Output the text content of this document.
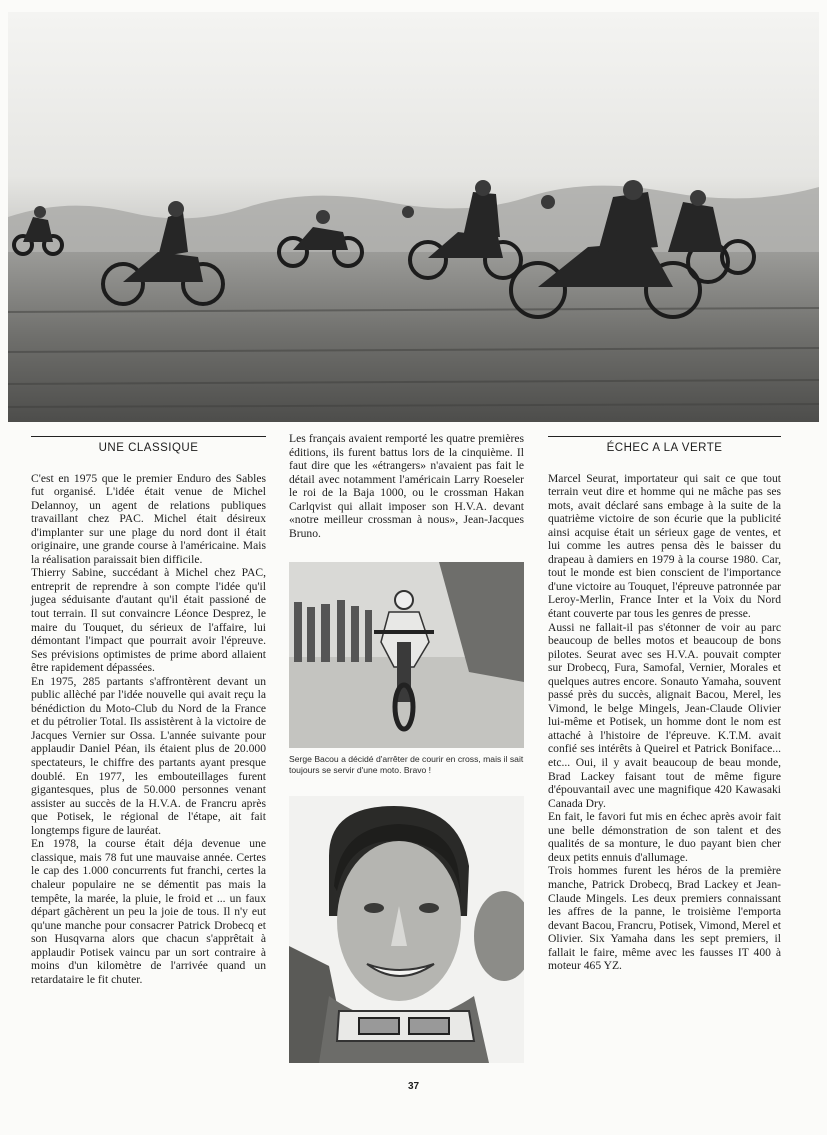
UNE CLASSIQUE

C'est en 1975 que le premier Enduro des Sables fut organisé. L'idée était venue de Michel Delannoy, un agent de relations publiques travaillant chez PAC. Michel était désireux d'implanter sur une plage du nord dont il était originaire, une grande course à l'américaine. Mais la réalisation paraissait bien difficile.

Thierry Sabine, succédant à Michel chez PAC, entreprit de reprendre à son compte l'idée qu'il jugea séduisante d'autant qu'il était passioné de tout terrain. Il sut convaincre Léonce Desprez, le maire du Touquet, du sérieux de l'affaire, lui démontant l'impact que pourrait avoir l'épreuve. Ses prévisions optimistes de prime abord allaient être rapidement dépassées.

En 1975, 285 partants s'affrontèrent devant un public allèché par l'idée nouvelle qui avait reçu la bénédiction du Moto-Club du Nord de la France et du pétrolier Total. Ils assistèrent à la victoire de Jacques Vernier sur Ossa. L'année suivante pour applaudir Daniel Péan, ils étaient plus de 20.000 spectateurs, le chiffre des partants ayant presque doublé. En 1977, les embouteillages furent gigantesques, plus de 50.000 personnes venant assister au succès de la H.V.A. de Francru après que Potisek, le régional de l'étape, ait fait longtemps figure de lauréat.

En 1978, la course était déja devenue une classique, mais 78 fut une mauvaise année. Certes le cap des 1.000 concurrents fut franchi, certes la chaleur populaire ne se démentit pas mais la tempête, la marée, la pluie, le froid et ... un faux départ gâchèrent un peu la joie de tous. Il n'y eut qu'une manche pour consacrer Patrick Drobecq et son Husqvarna alors que chacun s'apprêtait à applaudir Potisek vaincu par un sort contraire à moins d'un kilomètre de l'arrivée quand un retardataire le fit chuter.

Les français avaient remporté les quatre premières éditions, ils furent battus lors de la cinquième. Il faut dire que les «étrangers» n'avaient pas fait le détail avec notamment l'américain Larry Roeseler le roi de la Baja 1000, ou le crossman Hakan Carlqvist qui allait imposer son H.V.A. devant «notre meilleur crossman à nous», Jean-Jacques Bruno.

Serge Bacou a décidé d'arrêter de courir en cross, mais il sait toujours se servir d'une moto. Bravo !
ÉCHEC A LA VERTE

Marcel Seurat, importateur qui sait ce que tout terrain veut dire et homme qui ne mâche pas ses mots, avait déclaré sans embage à la suite de la quatrième victoire de son écurie que la publicité ainsi acquise était un sérieux gage de ventes, et lui comme les autres pensa dès le baisser du drapeau à damiers en 1979 à la course 1980. Car, tout le monde est bien conscient de l'importance d'une victoire au Touquet, l'épreuve patronnée par Leroy-Merlin, France Inter et la Voix du Nord étant couverte par tous les genres de presse.

Aussi ne fallait-il pas s'étonner de voir au parc beaucoup de belles motos et beaucoup de bons pilotes. Seurat avec ses H.V.A. pouvait compter sur Drobecq, Fura, Samofal, Vernier, Morales et quelques autres encore. Sonauto Yamaha, souvent passé près du succès, alignait Bacou, Merel, les Vimond, le belge Mingels, Jean-Claude Olivier lui-même et Potisek, un homme dont le nom est attaché à l'histoire de l'épreuve. K.T.M. avait confié ses intérêts à Queirel et Patrick Boniface... etc... Oui, il y avait beaucoup de beau monde, Brad Lackey faisant tout de même figure d'épouvantail avec une magnifique 420 Kawasaki Canada Dry.

En fait, le favori fut mis en échec après avoir fait une belle démonstration de son talent et des qualités de sa monture, le duo payant bien cher deux petits ennuis d'allumage.

Trois hommes furent les héros de la première manche, Patrick Drobecq, Brad Lackey et Jean-Claude Mingels. Les deux premiers connaissant les affres de la panne, le troisième l'emporta devant Bacou, Francru, Potisek, Vimond, Merel et Olivier. Six Yamaha dans les sept premiers, il fallait le faire, même avec les fausses IT 400 à moteur 465 YZ.

37
